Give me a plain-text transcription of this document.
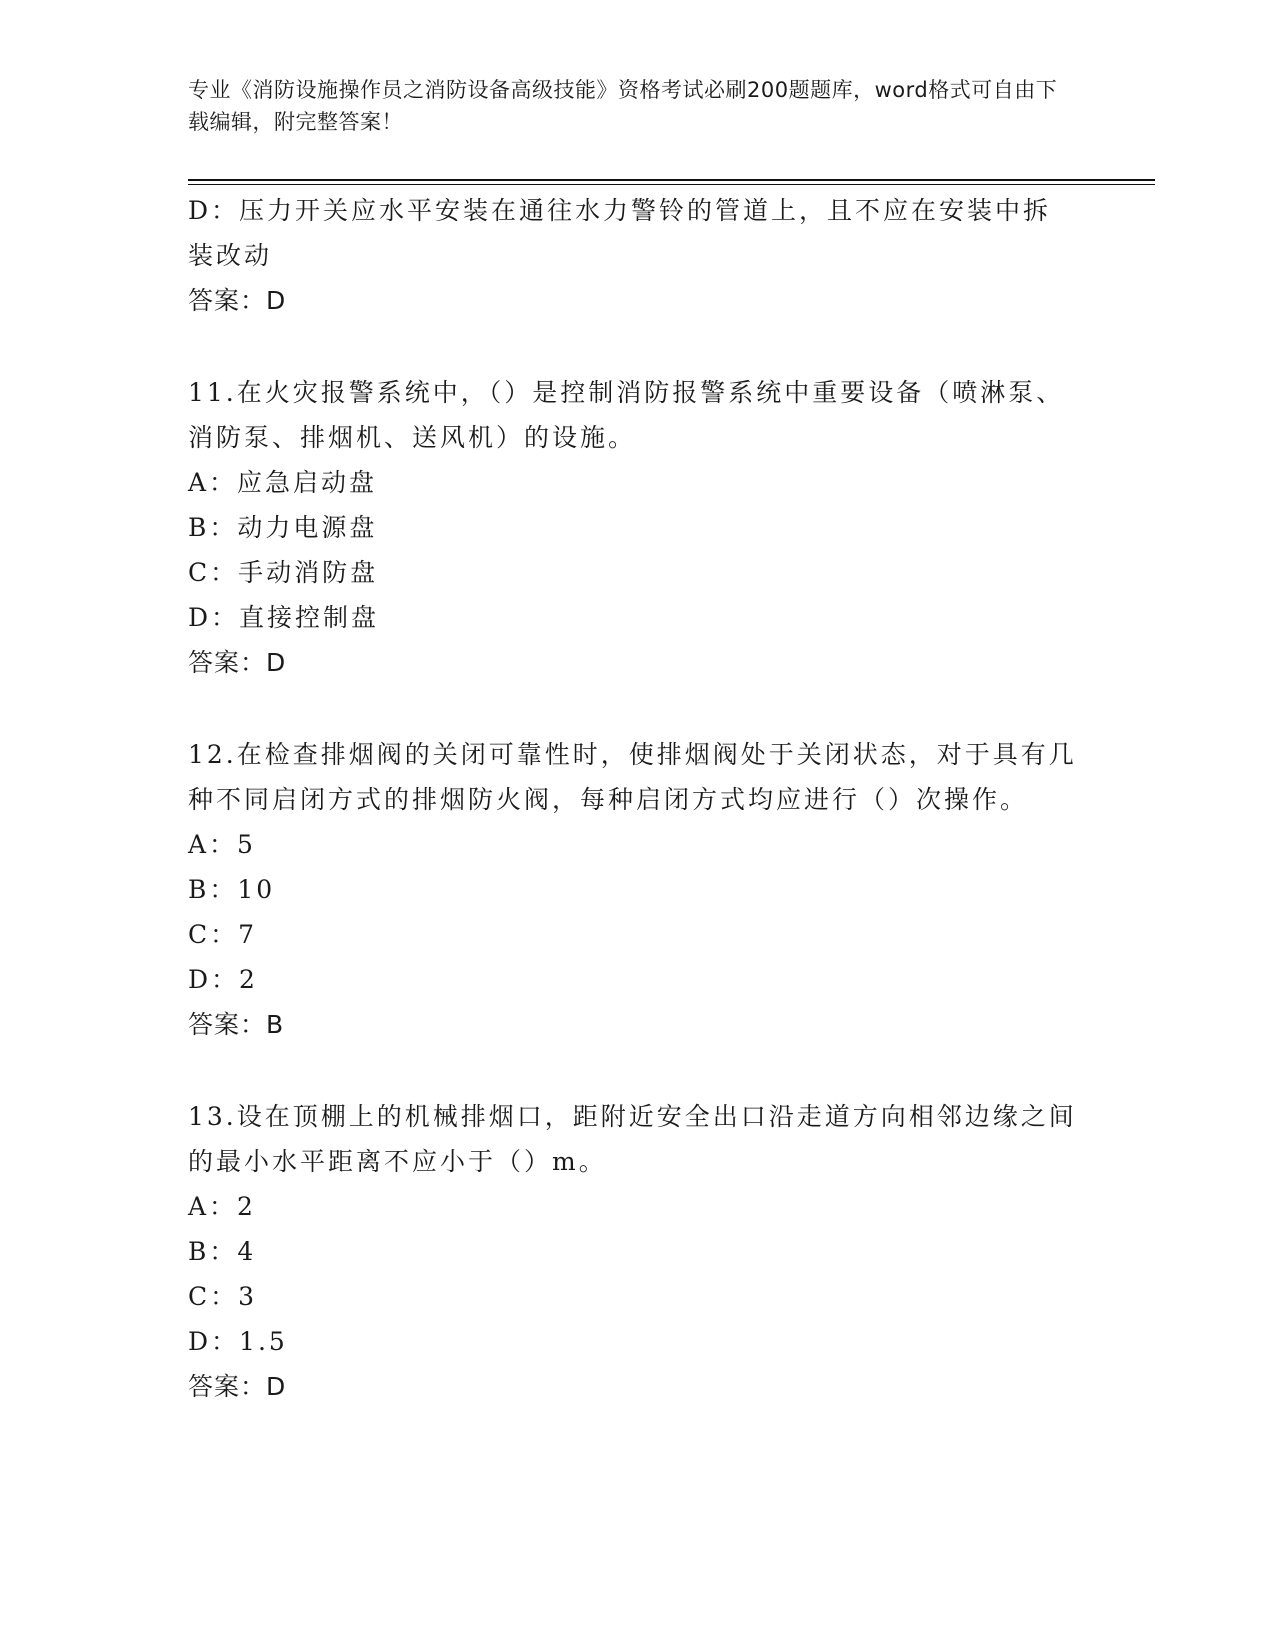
专业《消防设施操作员之消防设备高级技能》资格考试必刷200题题库，word格式可自由下载编辑，附完整答案！

D：压力开关应水平安装在通往水力警铃的管道上，且不应在安装中拆装改动

答案：D

11.在火灾报警系统中，（）是控制消防报警系统中重要设备（喷淋泵、消防泵、排烟机、送风机）的设施。

A：应急启动盘

B：动力电源盘

C：手动消防盘

D：直接控制盘

答案：D

12.在检查排烟阀的关闭可靠性时，使排烟阀处于关闭状态，对于具有几种不同启闭方式的排烟防火阀，每种启闭方式均应进行（）次操作。

A：5

B：10

C：7

D：2

答案：B

13.设在顶棚上的机械排烟口，距附近安全出口沿走道方向相邻边缘之间的最小水平距离不应小于（）m。

A：2

B：4

C：3

D：1.5

答案：D
